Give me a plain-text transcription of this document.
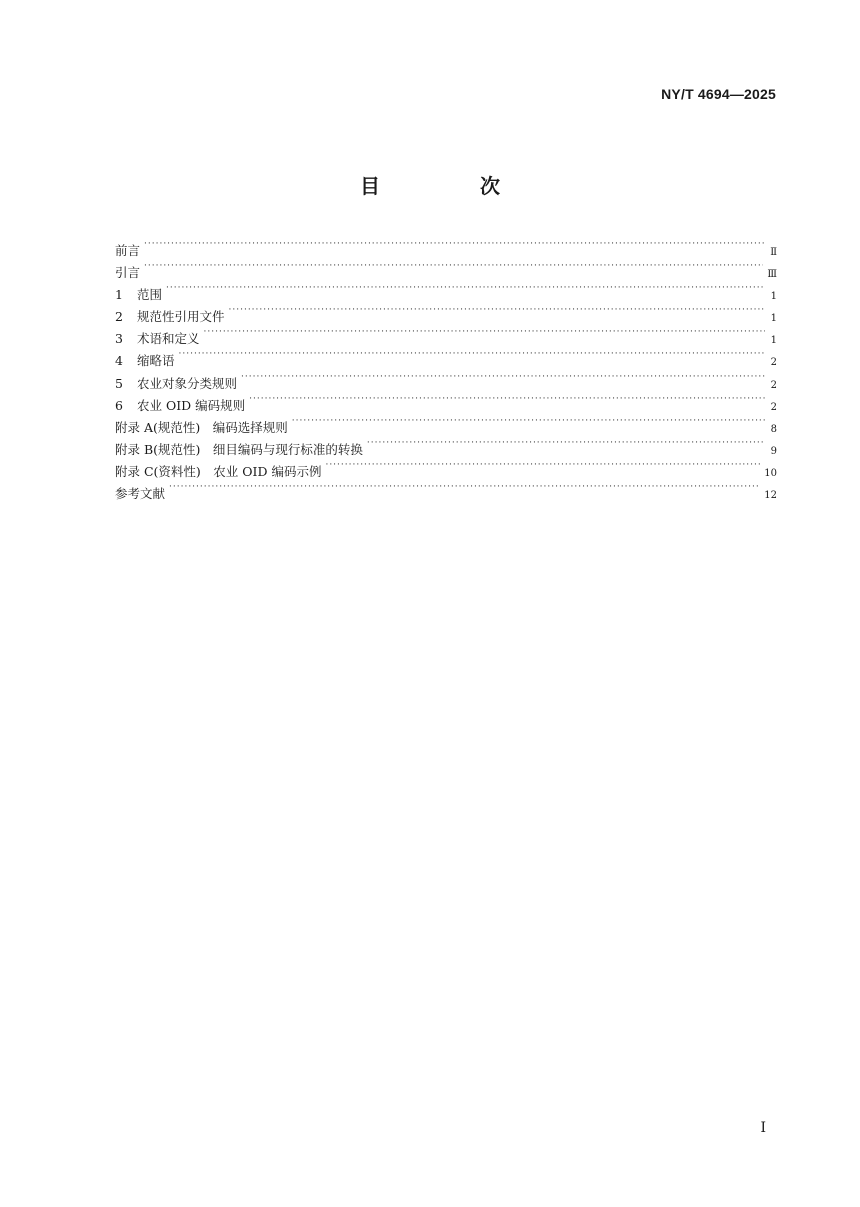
NY/T 4694—2025
目　次
前言 ·····	Ⅱ
引言 ·····	Ⅲ
1 范围 ·····	1
2 规范性引用文件 ·····	1
3 术语和定义 ·····	1
4 缩略语 ·····	2
5 农业对象分类规则 ·····	2
6 农业 OID 编码规则 ·····	2
附录 A(规范性)　编码选择规则 ·····	8
附录 B(规范性)　细目编码与现行标准的转换 ·····	9
附录 C(资料性)　农业 OID 编码示例 ·····	10
参考文献 ·····	12
I
